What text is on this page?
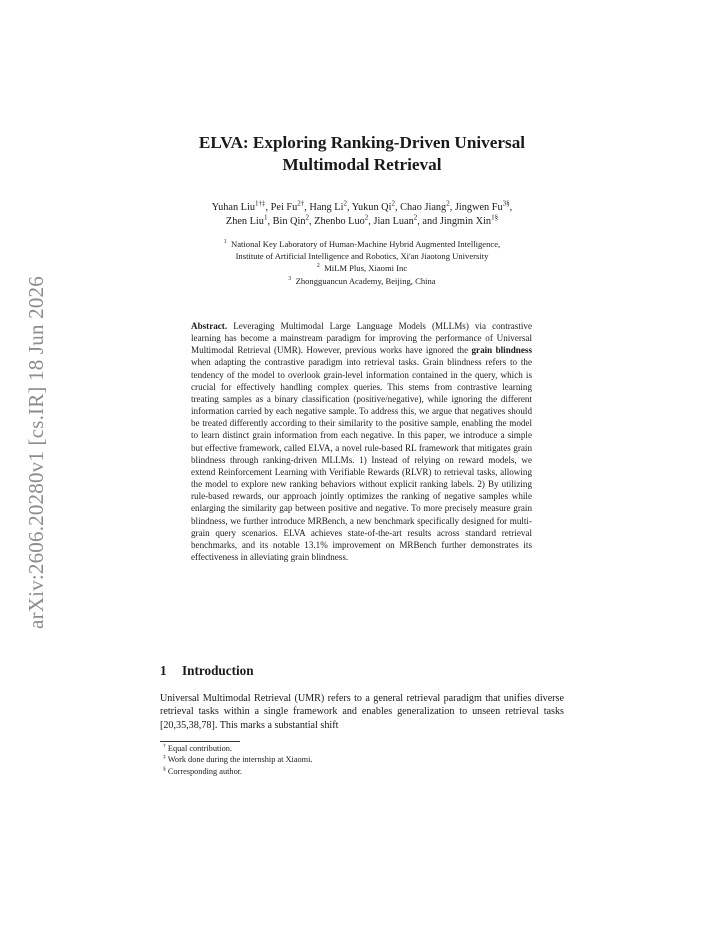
arXiv:2606.20280v1 [cs.IR] 18 Jun 2026
ELVA: Exploring Ranking-Driven Universal
Multimodal Retrieval
Yuhan Liu$^{1\dagger\ddagger}$, Pei $Fu^{2\dagger}$, Hang Li$^2$, Yukun Qi$^2$, Chao Jiang$^2$, Jingwen $Fu^{3\S}$,
Zhen Liu$^1$, Bin Qin$^2$, Zhenbo Luo$^2$, Jian Luan$^2$, and Jingmin Xin$^{1\S}$
$^1$ National Key Laboratory of Human-Machine Hybrid Augmented Intelligence,
Institute of Artificial Intelligence and Robotics, Xi'an Jiaotong University
$^2$ MiLM Plus, Xiaomi Inc
$^3$ Zhongguancun Academy, Beijing, China
Abstract. Leveraging Multimodal Large Language Models (MLLMs) via contrastive learning has become a mainstream paradigm for improving the performance of Universal Multimodal Retrieval (UMR). However, previous works have ignored the grain blindness when adapting the contrastive paradigm into retrieval tasks. Grain blindness refers to the tendency of the model to overlook grain-level information contained in the query, which is crucial for effectively handling complex queries. This stems from contrastive learning treating samples as a binary classification (positive/negative), while ignoring the different information carried by each negative sample. To address this, we argue that negatives should be treated differently according to their similarity to the positive sample, enabling the model to learn distinct grain information from each negative. In this paper, we introduce a simple but effective framework, called ELVA, a novel rule-based RL framework that mitigates grain blindness through ranking-driven MLLMs. 1) Instead of relying on reward models, we extend Reinforcement Learning with Verifiable Rewards (RLVR) to retrieval tasks, allowing the model to explore new ranking behaviors without explicit ranking labels. 2) By utilizing rule-based rewards, our approach jointly optimizes the ranking of negative samples while enlarging the similarity gap between positive and negative. To more precisely measure grain blindness, we further introduce MRBench, a new benchmark specifically designed for multi-grain query scenarios. ELVA achieves state-of-the-art results across standard retrieval benchmarks, and its notable 13.1% improvement on MRBench further demonstrates its effectiveness in alleviating grain blindness.
1 Introduction
Universal Multimodal Retrieval (UMR) refers to a general retrieval paradigm that unifies diverse retrieval tasks within a single framework and enables generalization to unseen retrieval tasks [20,35,38,78]. This marks a substantial shift
† Equal contribution.
‡ Work done during the internship at Xiaomi.
§ Corresponding author.
